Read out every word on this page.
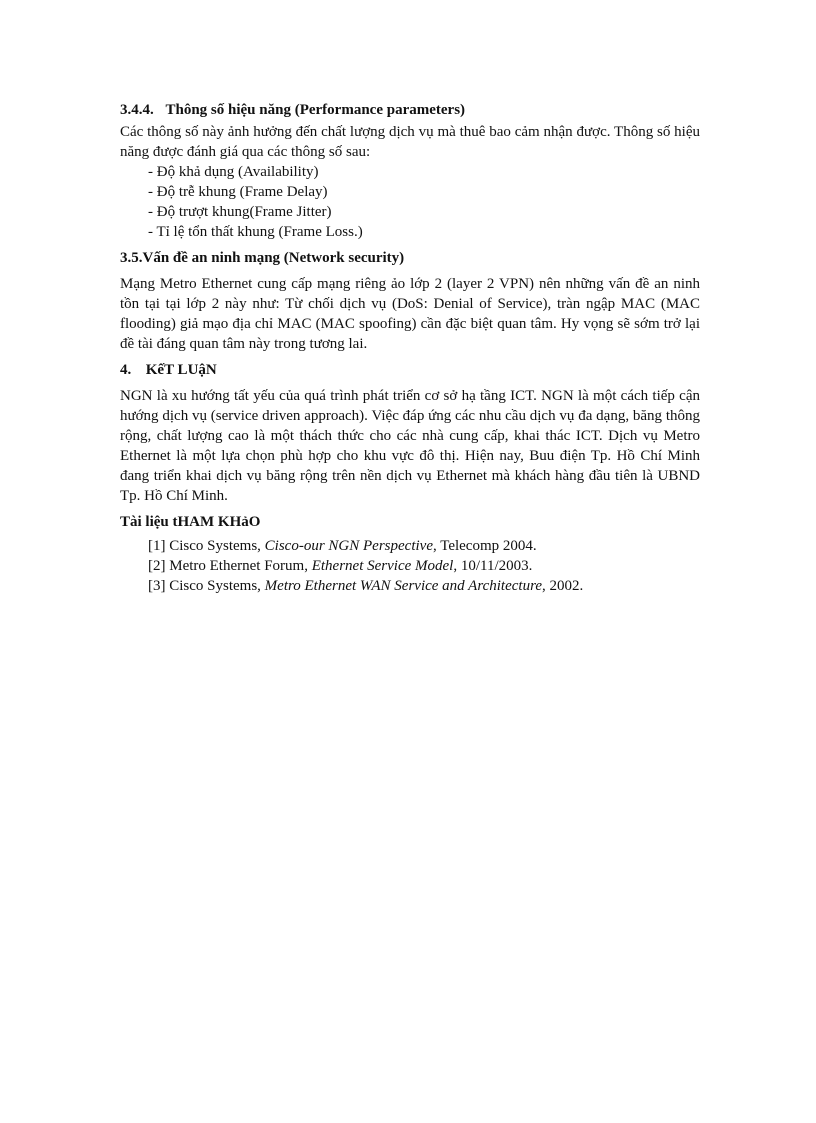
3.4.4. Thông số hiệu năng (Performance parameters)

Các thông số này ảnh hưởng đến chất lượng dịch vụ mà thuê bao cảm nhận được. Thông số hiệu năng được đánh giá qua các thông số sau:

- Độ khả dụng (Availability)
- Độ trễ khung (Frame Delay)
- Độ trượt khung(Frame Jitter)
- Tỉ lệ tổn thất khung (Frame Loss.)
3.5.Vấn đề an ninh mạng (Network security)

Mạng Metro Ethernet cung cấp mạng riêng ảo lớp 2 (layer 2 VPN) nên những vấn đề an ninh tồn tại tại lớp 2 này như: Từ chối dịch vụ (DoS: Denial of Service), tràn ngập MAC (MAC flooding) giả mạo địa chỉ MAC (MAC spoofing) cần đặc biệt quan tâm. Hy vọng sẽ sớm trở lại đề tài đáng quan tâm này trong tương lai.

4. KếT LUậN

NGN là xu hướng tất yếu của quá trình phát triển cơ sở hạ tầng ICT. NGN là một cách tiếp cận hướng dịch vụ (service driven approach). Việc đáp ứng các nhu cầu dịch vụ đa dạng, băng thông rộng, chất lượng cao là một thách thức cho các nhà cung cấp, khai thác ICT. Dịch vụ Metro Ethernet là một lựa chọn phù hợp cho khu vực đô thị. Hiện nay, Buu điện Tp. Hồ Chí Minh đang triển khai dịch vụ băng rộng trên nền dịch vụ Ethernet mà khách hàng đầu tiên là UBND Tp. Hồ Chí Minh.

Tài liệu tHAM KHảO
[1] Cisco Systems, Cisco-our NGN Perspective, Telecomp 2004.
[2] Metro Ethernet Forum, Ethernet Service Model, 10/11/2003.
[3] Cisco Systems, Metro Ethernet WAN Service and Architecture, 2002.
